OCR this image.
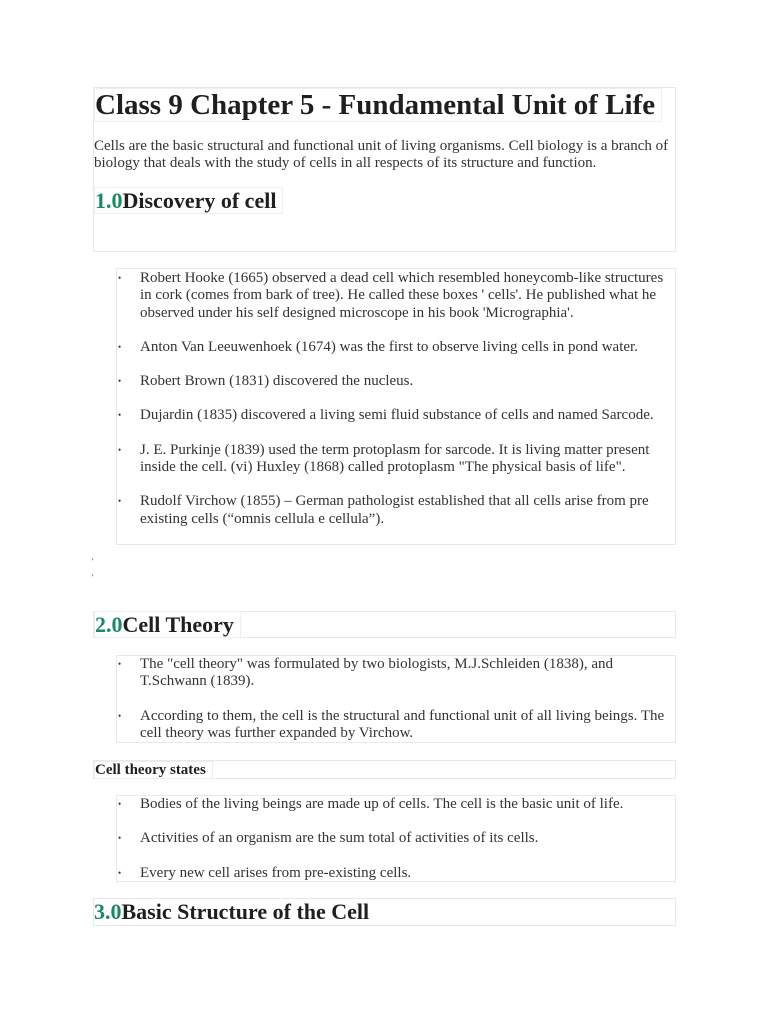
Class 9 Chapter 5 - Fundamental Unit of Life

Cells are the basic structural and functional unit of living organisms. Cell biology is a branch of biology that deals with the study of cells in all respects of its structure and function.

1.0Discovery of cell
• Robert Hooke (1665) observed a dead cell which resembled honeycomb-like structures in cork (comes from bark of tree). He called these boxes ' cells'. He published what he observed under his self designed microscope in his book 'Micrographia'.
• Anton Van Leeuwenhoek (1674) was the first to observe living cells in pond water.
• Robert Brown (1831) discovered the nucleus.
• Dujardin (1835) discovered a living semi fluid substance of cells and named Sarcode.
• J. E. Purkinje (1839) used the term protoplasm for sarcode. It is living matter present inside the cell. (vi) Huxley (1868) called protoplasm "The physical basis of life".
• Rudolf Virchow (1855) – German pathologist established that all cells arise from pre existing cells (“omnis cellula e cellula”).
'
'
2.0Cell Theory
• The "cell theory" was formulated by two biologists, M.J.Schleiden (1838), and T.Schwann (1839).
• According to them, the cell is the structural and functional unit of all living beings. The cell theory was further expanded by Virchow.
Cell theory states
• Bodies of the living beings are made up of cells. The cell is the basic unit of life.
• Activities of an organism are the sum total of activities of its cells.
• Every new cell arises from pre-existing cells.
3.0Basic Structure of the Cell
